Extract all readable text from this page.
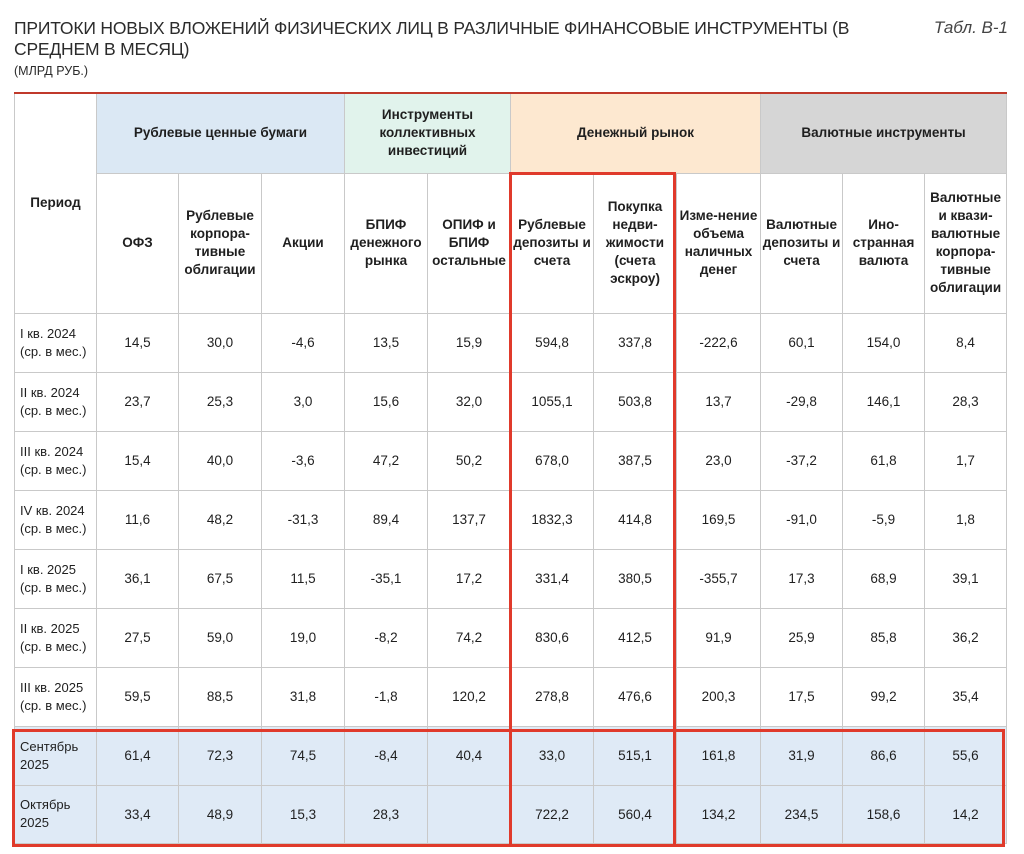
ПРИТОКИ НОВЫХ ВЛОЖЕНИЙ ФИЗИЧЕСКИХ ЛИЦ В РАЗЛИЧНЫЕ ФИНАНСОВЫЕ ИНСТРУМЕНТЫ (В СРЕДНЕМ В МЕСЯЦ)
(МЛРД РУБ.)
Табл. В-1
Период	Рублевые ценные бумаги			Инструменты коллективных инвестиций		Денежный рынок			Валютные инструменты		
	ОФЗ	Рублевые корпора-тивные облигации	Акции	БПИФ денежного рынка	ОПИФ и БПИФ остальные	Рублевые депозиты и счета	Покупка недви-жимости (счета эскроу)	Изме-нение объема наличных денег	Валютные депозиты и счета	Ино-странная валюта	Валютные и квази-валютные корпора-тивные облигации
I кв. 2024 (ср. в мес.)	14,5	30,0	-4,6	13,5	15,9	594,8	337,8	-222,6	60,1	154,0	8,4
II кв. 2024 (ср. в мес.)	23,7	25,3	3,0	15,6	32,0	1055,1	503,8	13,7	-29,8	146,1	28,3
III кв. 2024 (ср. в мес.)	15,4	40,0	-3,6	47,2	50,2	678,0	387,5	23,0	-37,2	61,8	1,7
IV кв. 2024 (ср. в мес.)	11,6	48,2	-31,3	89,4	137,7	1832,3	414,8	169,5	-91,0	-5,9	1,8
I кв. 2025 (ср. в мес.)	36,1	67,5	11,5	-35,1	17,2	331,4	380,5	-355,7	17,3	68,9	39,1
II кв. 2025 (ср. в мес.)	27,5	59,0	19,0	-8,2	74,2	830,6	412,5	91,9	25,9	85,8	36,2
III кв. 2025 (ср. в мес.)	59,5	88,5	31,8	-1,8	120,2	278,8	476,6	200,3	17,5	99,2	35,4
Сентябрь 2025	61,4	72,3	74,5	-8,4	40,4	33,0	515,1	161,8	31,9	86,6	55,6
Октябрь 2025	33,4	48,9	15,3	28,3		722,2	560,4	134,2	234,5	158,6	14,2
